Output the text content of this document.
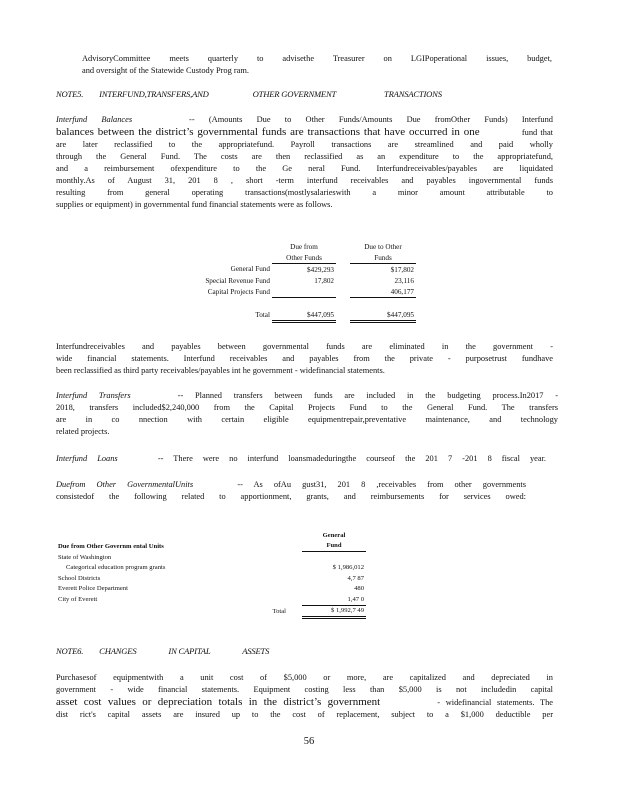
AdvisoryCommittee meets quarterly to advisethe Treasurer on LGIPoperational issues, budget,

and oversight of the Statewide Custody Prog ram.

NOTE5. INTERFUND,TRANSFERS,AND	OTHER GOVERNMENT	TRANSACTIONS

Interfund Balances	-- (Amounts Due to Other Funds/Amounts Due fromOther Funds) Interfund

balances between the district’s governmental funds are transactions that have occurred in one	fund that

are later reclassified to the appropriatefund. Payroll transactions are streamlined and paid wholly

through the General Fund. The costs are then reclassified as an expenditure to the appropriatefund,

and a reimbursement ofexpenditure to the Ge neral Fund. Interfundreceivables/payables are liquidated

monthly.As of August 31, 201 8 , short -term interfund receivables and payables ingovernmental funds

resulting from general operating transactions(mostlysalarieswith a minor amount attributable to

supplies or equipment) in governmental fund financial statements were as follows.

	Due from		Due to Other
	Other Funds		Funds
General Fund	$429,293		$17,802
Special Revenue Fund	17,802		23,116
Capital Projects Fund			406,177

Total	$447,095		$447,095

Interfundreceivables and payables between governmental funds are eliminated in the government -

wide financial statements. Interfund receivables and payables from the private - purposetrust fundhave

been reclassified as third party receivables/payables int he government - widefinancial statements.

Interfund Transfers	-- Planned transfers between funds are included in the budgeting process.In2017 -

2018, transfers included$2,240,000 from the Capital Projects Fund to the General Fund. The transfers

are in co nnection with certain eligible equipmentrepair,preventative maintenance, and technology

related projects.

Interfund Loans	-- There were no interfund loansmadeduringthe courseof the 201 7 -201 8 fiscal year.

Duefrom Other GovernmentalUnits	-- As ofAu gust31, 201 8 ,receivables from other governments

consistedof the following related to apportionment, grants, and reimbursements for services owed:

		General
Due from Other Governm ental Units		Fund
State of Washington		
Categorical education program grants		$ 1,986,012
School Districts		4,7 87
Everett Police Department		480
City of Everett		1,47 0
Total		$ 1,992,7 49
NOTE6. CHANGES	IN CAPITAL	ASSETS

Purchasesof equipmentwith a unit cost of $5,000 or more, are capitalized and depreciated in

government - wide financial statements. Equipment costing less than $5,000 is not includedin capital

asset cost values or depreciation totals in the district’s government	- widefinancial statements. The

dist rict's capital assets are insured up to the cost of replacement, subject to a $1,000 deductible per

56
